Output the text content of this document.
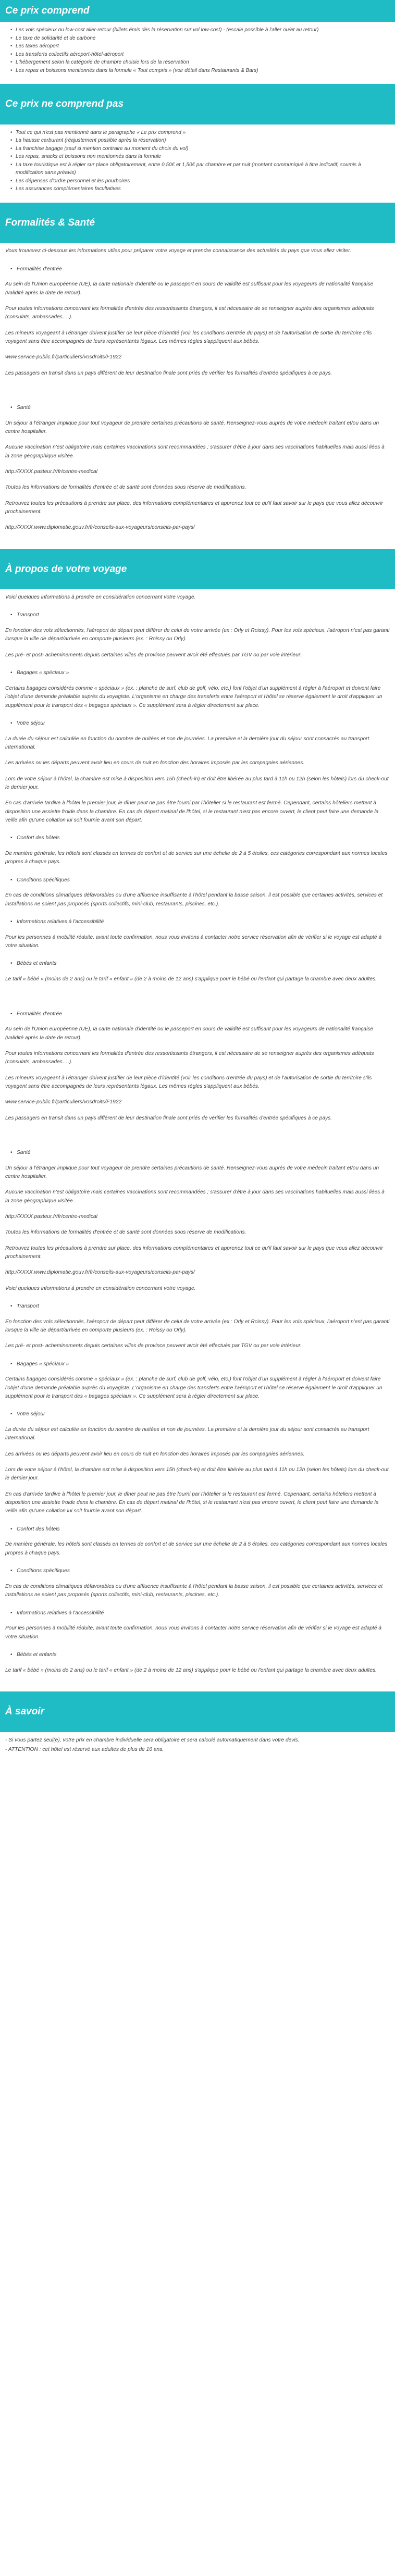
Ce prix comprend
• Les vols spécieux ou low-cost aller-retour (billets émis dès la réservation sur vol low-cost) - (escale possible à l'aller ou/et au retour)
• Le taxe de solidarité et de carbone
• Les taxes aéroport
• Les transferts collectifs aéroport-hôtel-aéroport
• L'hébergement selon la catégorie de chambre choisie lors de la réservation
• Les repas et boissons mentionnés dans la formule « Tout compris » (voir détail dans Restaurants & Bars)
Ce prix ne comprend pas
• Tout ce qui n'est pas mentionné dans le paragraphe « Le prix comprend »
• La hausse carburant (réajustement possible après la réservation)
• La franchise bagage (sauf si mention contraire au moment du choix du vol)
• Les repas, snacks et boissons non mentionnés dans la formule
• La taxe touristique est à régler sur place obligatoirement, entre 0,50€ et 1,50€ par chambre et par nuit (montant communiqué à titre indicatif, soumis à modification sans préavis)
• Les dépenses d'ordre personnel et les pourboires
• Les assurances complémentaires facultatives
Formalités & Santé

Vous trouverez ci-dessous les informations utiles pour préparer votre voyage et prendre connaissance des actualités du pays que vous allez visiter.

• Formalités d'entrée

Au sein de l'Union européenne (UE), la carte nationale d'identité ou le passeport en cours de validité est suffisant pour les voyageurs de nationalité française (validité après la date de retour).

Pour toutes informations concernant les formalités d'entrée des ressortissants étrangers, il est nécessaire de se renseigner auprès des organismes adéquats (consulats, ambassades….).

Les mineurs voyageant à l'étranger doivent justifier de leur pièce d'identité (voir les conditions d'entrée du pays) et de l'autorisation de sortie du territoire s'ils voyagent sans être accompagnés de leurs représentants légaux. Les mêmes règles s'appliquent aux bébés.

www.service-public.fr/particuliers/vosdroits/F1922

Les passagers en transit dans un pays différent de leur destination finale sont priés de vérifier les formalités d'entrée spécifiques à ce pays.

• Santé

Un séjour à l'étranger implique pour tout voyageur de prendre certaines précautions de santé. Renseignez-vous auprès de votre médecin traitant et/ou dans un centre hospitalier.

Aucune vaccination n'est obligatoire mais certaines vaccinations sont recommandées ; s'assurer d'être à jour dans ses vaccinations habituelles mais aussi liées à la zone géographique visitée.

http://XXXX.pasteur.fr/fr/centre-medical

Toutes les informations de formalités d'entrée et de santé sont données sous réserve de modifications.

Retrouvez toutes les précautions à prendre sur place, des informations complémentaires et apprenez tout ce qu'il faut savoir sur le pays que vous allez découvrir prochainement.

http://XXXX.www.diplomatie.gouv.fr/fr/conseils-aux-voyageurs/conseils-par-pays/

À propos de votre voyage

Voici quelques informations à prendre en considération concernant votre voyage.

• Transport

En fonction des vols sélectionnés, l'aéroport de départ peut différer de celui de votre arrivée (ex : Orly et Roissy). Pour les vols spéciaux, l'aéroport n'est pas garanti lorsque la ville de départ/arrivée en comporte plusieurs (ex. : Roissy ou Orly).

Les pré- et post- acheminements depuis certaines villes de province peuvent avoir été effectués par TGV ou par voie intérieur.

• Bagages « spéciaux »

Certains bagages considérés comme « spéciaux » (ex. : planche de surf, club de golf, vélo, etc.) font l'objet d'un supplément à régler à l'aéroport et doivent faire l'objet d'une demande préalable auprès du voyagiste. L'organisme en charge des transferts entre l'aéroport et l'hôtel se réserve également le droit d'appliquer un supplément pour le transport des « bagages spéciaux ». Ce supplément sera à régler directement sur place.

• Votre séjour

La durée du séjour est calculée en fonction du nombre de nuitées et non de journées. La première et la dernière jour du séjour sont consacrés au transport international.

Les arrivées ou les départs peuvent avoir lieu en cours de nuit en fonction des horaires imposés par les compagnies aériennes.

Lors de votre séjour à l'hôtel, la chambre est mise à disposition vers 15h (check-in) et doit être libérée au plus tard à 11h ou 12h (selon les hôtels) lors du check-out le dernier jour.

En cas d'arrivée tardive à l'hôtel le premier jour, le dîner peut ne pas être fourni par l'hôtelier si le restaurant est fermé. Cependant, certains hôteliers mettent à disposition une assiette froide dans la chambre. En cas de départ matinal de l'hôtel, si le restaurant n'est pas encore ouvert, le client peut faire une demande la veille afin qu'une collation lui soit fournie avant son départ.

• Confort des hôtels

De manière générale, les hôtels sont classés en termes de confort et de service sur une échelle de 2 à 5 étoiles, ces catégories correspondant aux normes locales propres à chaque pays.

• Conditions spécifiques

En cas de conditions climatiques défavorables ou d'une affluence insuffisante à l'hôtel pendant la basse saison, il est possible que certaines activités, services et installations ne soient pas proposés (sports collectifs, mini-club, restaurants, piscines, etc.).

• Informations relatives à l'accessibilité

Pour les personnes à mobilité réduite, avant toute confirmation, nous vous invitons à contacter notre service réservation afin de vérifier si le voyage est adapté à votre situation.

• Bébés et enfants

Le tarif « bébé » (moins de 2 ans) ou le tarif « enfant » (de 2 à moins de 12 ans) s'applique pour le bébé ou l'enfant qui partage la chambre avec deux adultes.

• Formalités d'entrée

Au sein de l'Union européenne (UE), la carte nationale d'identité ou le passeport en cours de validité est suffisant pour les voyageurs de nationalité française (validité après la date de retour).

Pour toutes informations concernant les formalités d'entrée des ressortissants étrangers, il est nécessaire de se renseigner auprès des organismes adéquats (consulats, ambassades….).

Les mineurs voyageant à l'étranger doivent justifier de leur pièce d'identité (voir les conditions d'entrée du pays) et de l'autorisation de sortie du territoire s'ils voyagent sans être accompagnés de leurs représentants légaux. Les mêmes règles s'appliquent aux bébés.

www.service-public.fr/particuliers/vosdroits/F1922

Les passagers en transit dans un pays différent de leur destination finale sont priés de vérifier les formalités d'entrée spécifiques à ce pays.

• Santé

Un séjour à l'étranger implique pour tout voyageur de prendre certaines précautions de santé. Renseignez-vous auprès de votre médecin traitant et/ou dans un centre hospitalier.

Aucune vaccination n'est obligatoire mais certaines vaccinations sont recommandées ; s'assurer d'être à jour dans ses vaccinations habituelles mais aussi liées à la zone géographique visitée.

http://XXXX.pasteur.fr/fr/centre-medical

Toutes les informations de formalités d'entrée et de santé sont données sous réserve de modifications.

Retrouvez toutes les précautions à prendre sur place, des informations complémentaires et apprenez tout ce qu'il faut savoir sur le pays que vous allez découvrir prochainement.

http://XXXX.www.diplomatie.gouv.fr/fr/conseils-aux-voyageurs/conseils-par-pays/

Voici quelques informations à prendre en considération concernant votre voyage.

• Transport

En fonction des vols sélectionnés, l'aéroport de départ peut différer de celui de votre arrivée (ex : Orly et Roissy). Pour les vols spéciaux, l'aéroport n'est pas garanti lorsque la ville de départ/arrivée en comporte plusieurs (ex. : Roissy ou Orly).

Les pré- et post- acheminements depuis certaines villes de province peuvent avoir été effectués par TGV ou par voie intérieur.

• Bagages « spéciaux »

Certains bagages considérés comme « spéciaux » (ex. : planche de surf, club de golf, vélo, etc.) font l'objet d'un supplément à régler à l'aéroport et doivent faire l'objet d'une demande préalable auprès du voyagiste. L'organisme en charge des transferts entre l'aéroport et l'hôtel se réserve également le droit d'appliquer un supplément pour le transport des « bagages spéciaux ». Ce supplément sera à régler directement sur place.

• Votre séjour

La durée du séjour est calculée en fonction du nombre de nuitées et non de journées. La première et la dernière jour du séjour sont consacrés au transport international.

Les arrivées ou les départs peuvent avoir lieu en cours de nuit en fonction des horaires imposés par les compagnies aériennes.

Lors de votre séjour à l'hôtel, la chambre est mise à disposition vers 15h (check-in) et doit être libérée au plus tard à 11h ou 12h (selon les hôtels) lors du check-out le dernier jour.

En cas d'arrivée tardive à l'hôtel le premier jour, le dîner peut ne pas être fourni par l'hôtelier si le restaurant est fermé. Cependant, certains hôteliers mettent à disposition une assiette froide dans la chambre. En cas de départ matinal de l'hôtel, si le restaurant n'est pas encore ouvert, le client peut faire une demande la veille afin qu'une collation lui soit fournie avant son départ.

• Confort des hôtels

De manière générale, les hôtels sont classés en termes de confort et de service sur une échelle de 2 à 5 étoiles, ces catégories correspondant aux normes locales propres à chaque pays.

• Conditions spécifiques

En cas de conditions climatiques défavorables ou d'une affluence insuffisante à l'hôtel pendant la basse saison, il est possible que certaines activités, services et installations ne soient pas proposés (sports collectifs, mini-club, restaurants, piscines, etc.).

• Informations relatives à l'accessibilité

Pour les personnes à mobilité réduite, avant toute confirmation, nous vous invitons à contacter notre service réservation afin de vérifier si le voyage est adapté à votre situation.

• Bébés et enfants

Le tarif « bébé » (moins de 2 ans) ou le tarif « enfant » (de 2 à moins de 12 ans) s'applique pour le bébé ou l'enfant qui partage la chambre avec deux adultes.

À savoir

- Si vous partez seul(e), votre prix en chambre individuelle sera obligatoire et sera calculé automatiquement dans votre devis.

- ATTENTION : cet hôtel est réservé aux adultes de plus de 16 ans.
